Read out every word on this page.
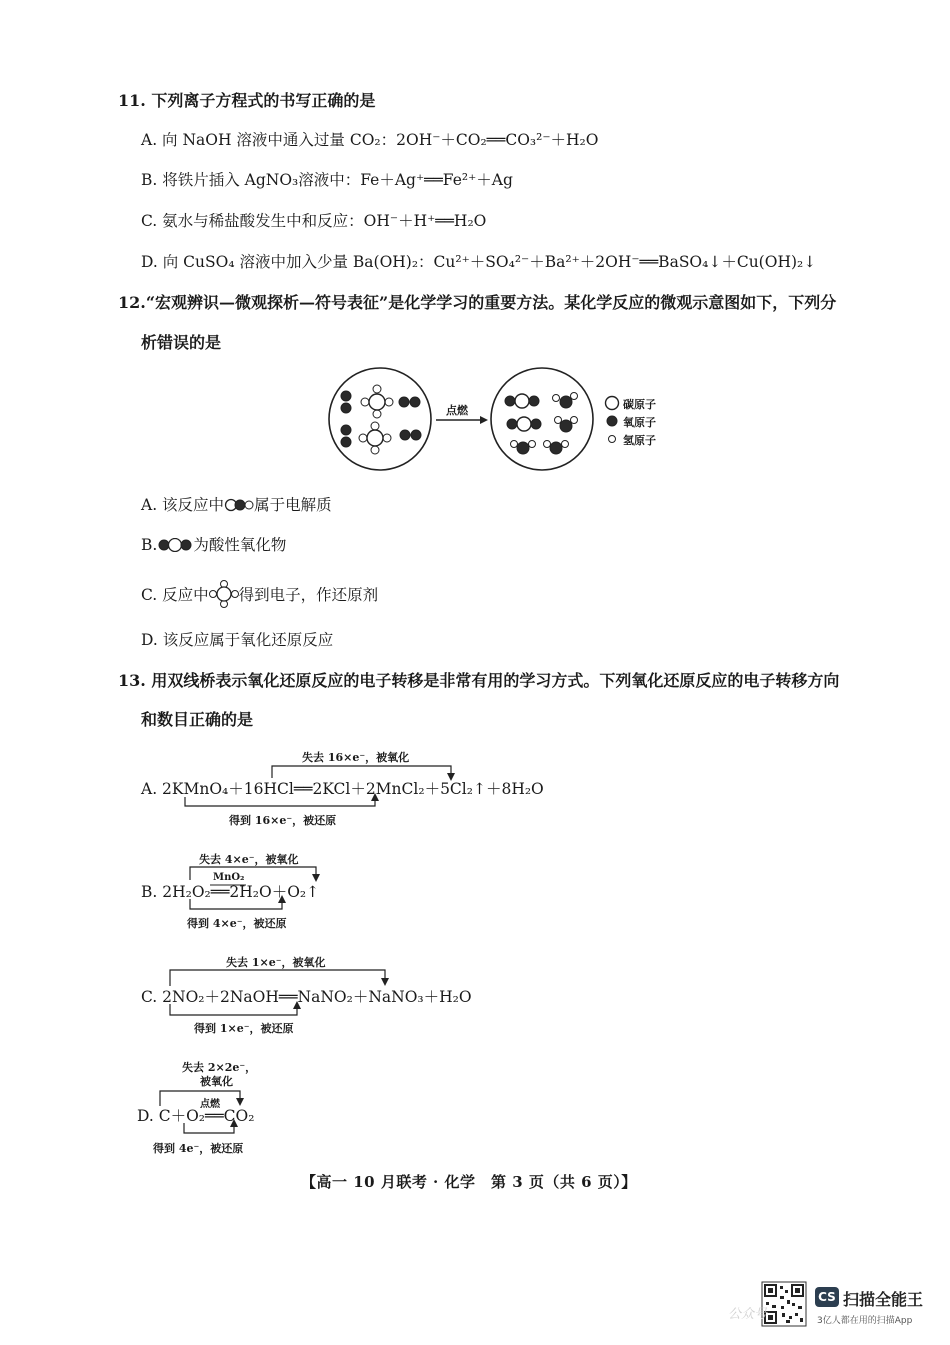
11. 下列离子方程式的书写正确的是
A. 向 NaOH 溶液中通入过量 CO₂：2OH⁻＋CO₂══CO₃²⁻＋H₂O
B. 将铁片插入 AgNO₃溶液中：Fe＋Ag⁺══Fe²⁺＋Ag
C. 氨水与稀盐酸发生中和反应：OH⁻＋H⁺══H₂O
D. 向 CuSO₄ 溶液中加入少量 Ba(OH)₂：Cu²⁺＋SO₄²⁻＋Ba²⁺＋2OH⁻══BaSO₄↓＋Cu(OH)₂↓
12.“宏观辨识—微观探析—符号表征”是化学学习的重要方法。某化学反应的微观示意图如下，下列分
析错误的是
点燃	碳原子
氧原子
氢原子
A. 该反应中 属于电解质
B. 为酸性氧化物
C. 反应中 得到电子，作还原剂
D. 该反应属于氧化还原反应
13. 用双线桥表示氧化还原反应的电子转移是非常有用的学习方式。下列氧化还原反应的电子转移方向
和数目正确的是
失去 16×e⁻，被氧化
A. 2KMnO₄＋16HCl══2KCl＋2MnCl₂＋5Cl₂↑＋8H₂O
得到 16×e⁻，被还原
失去 4×e⁻，被氧化
MnO₂
B. 2H₂O₂══2H₂O＋O₂↑
得到 4×e⁻，被还原
失去 1×e⁻，被氧化
C. 2NO₂＋2NaOH══NaNO₂＋NaNO₃＋H₂O
得到 1×e⁻，被还原
失去 2×2e⁻，
被氧化
点燃
D. C＋O₂══CO₂
得到 4e⁻，被还原
【高一 10 月联考 · 化学　第 3 页（共 6 页）】
公众号
CS 扫描全能王
3亿人都在用的扫描App
